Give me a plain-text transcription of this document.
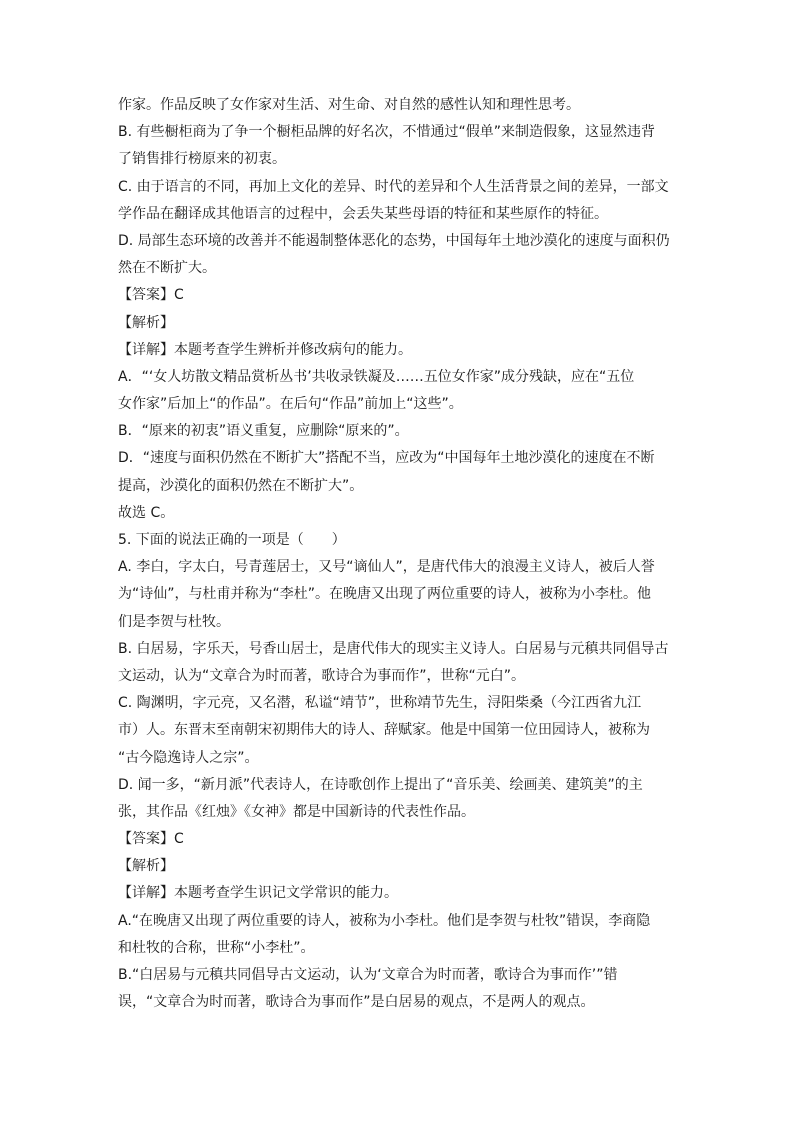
作家。作品反映了女作家对生活、对生命、对自然的感性认知和理性思考。
B. 有些橱柜商为了争一个橱柜品牌的好名次，不惜通过“假单”来制造假象，这显然违背
了销售排行榜原来的初衷。
C. 由于语言的不同，再加上文化的差异、时代的差异和个人生活背景之间的差异，一部文
学作品在翻译成其他语言的过程中，会丢失某些母语的特征和某些原作的特征。
D. 局部生态环境的改善并不能遏制整体恶化的态势，中国每年土地沙漠化的速度与面积仍
然在不断扩大。
【答案】C
【解析】
【详解】本题考查学生辨析并修改病句的能力。
A．“‘女人坊散文精品赏析丛书’共收录铁凝及……五位女作家”成分残缺，应在“五位
女作家”后加上“的作品”。在后句“作品”前加上“这些”。
B．“原来的初衷”语义重复，应删除“原来的”。
D．“速度与面积仍然在不断扩大”搭配不当，应改为“中国每年土地沙漠化的速度在不断
提高，沙漠化的面积仍然在不断扩大”。
故选 C。
5. 下面的说法正确的一项是（　　）
A. 李白，字太白，号青莲居士，又号“谪仙人”，是唐代伟大的浪漫主义诗人，被后人誉
为“诗仙”，与杜甫并称为“李杜”。在晚唐又出现了两位重要的诗人，被称为小李杜。他
们是李贺与杜牧。
B. 白居易，字乐天，号香山居士，是唐代伟大的现实主义诗人。白居易与元稹共同倡导古
文运动，认为“文章合为时而著，歌诗合为事而作”，世称“元白”。
C. 陶渊明，字元亮，又名潜，私谥“靖节”，世称靖节先生，浔阳柴桑（今江西省九江
市）人。东晋末至南朝宋初期伟大的诗人、辞赋家。他是中国第一位田园诗人，被称为
“古今隐逸诗人之宗”。
D. 闻一多，“新月派”代表诗人，在诗歌创作上提出了“音乐美、绘画美、建筑美”的主
张，其作品《红烛》《女神》都是中国新诗的代表性作品。
【答案】C
【解析】
【详解】本题考查学生识记文学常识的能力。
A.“在晚唐又出现了两位重要的诗人，被称为小李杜。他们是李贺与杜牧”错误，李商隐
和杜牧的合称，世称“小李杜”。
B.“白居易与元稹共同倡导古文运动，认为‘文章合为时而著，歌诗合为事而作’”错
误，“文章合为时而著，歌诗合为事而作”是白居易的观点，不是两人的观点。
